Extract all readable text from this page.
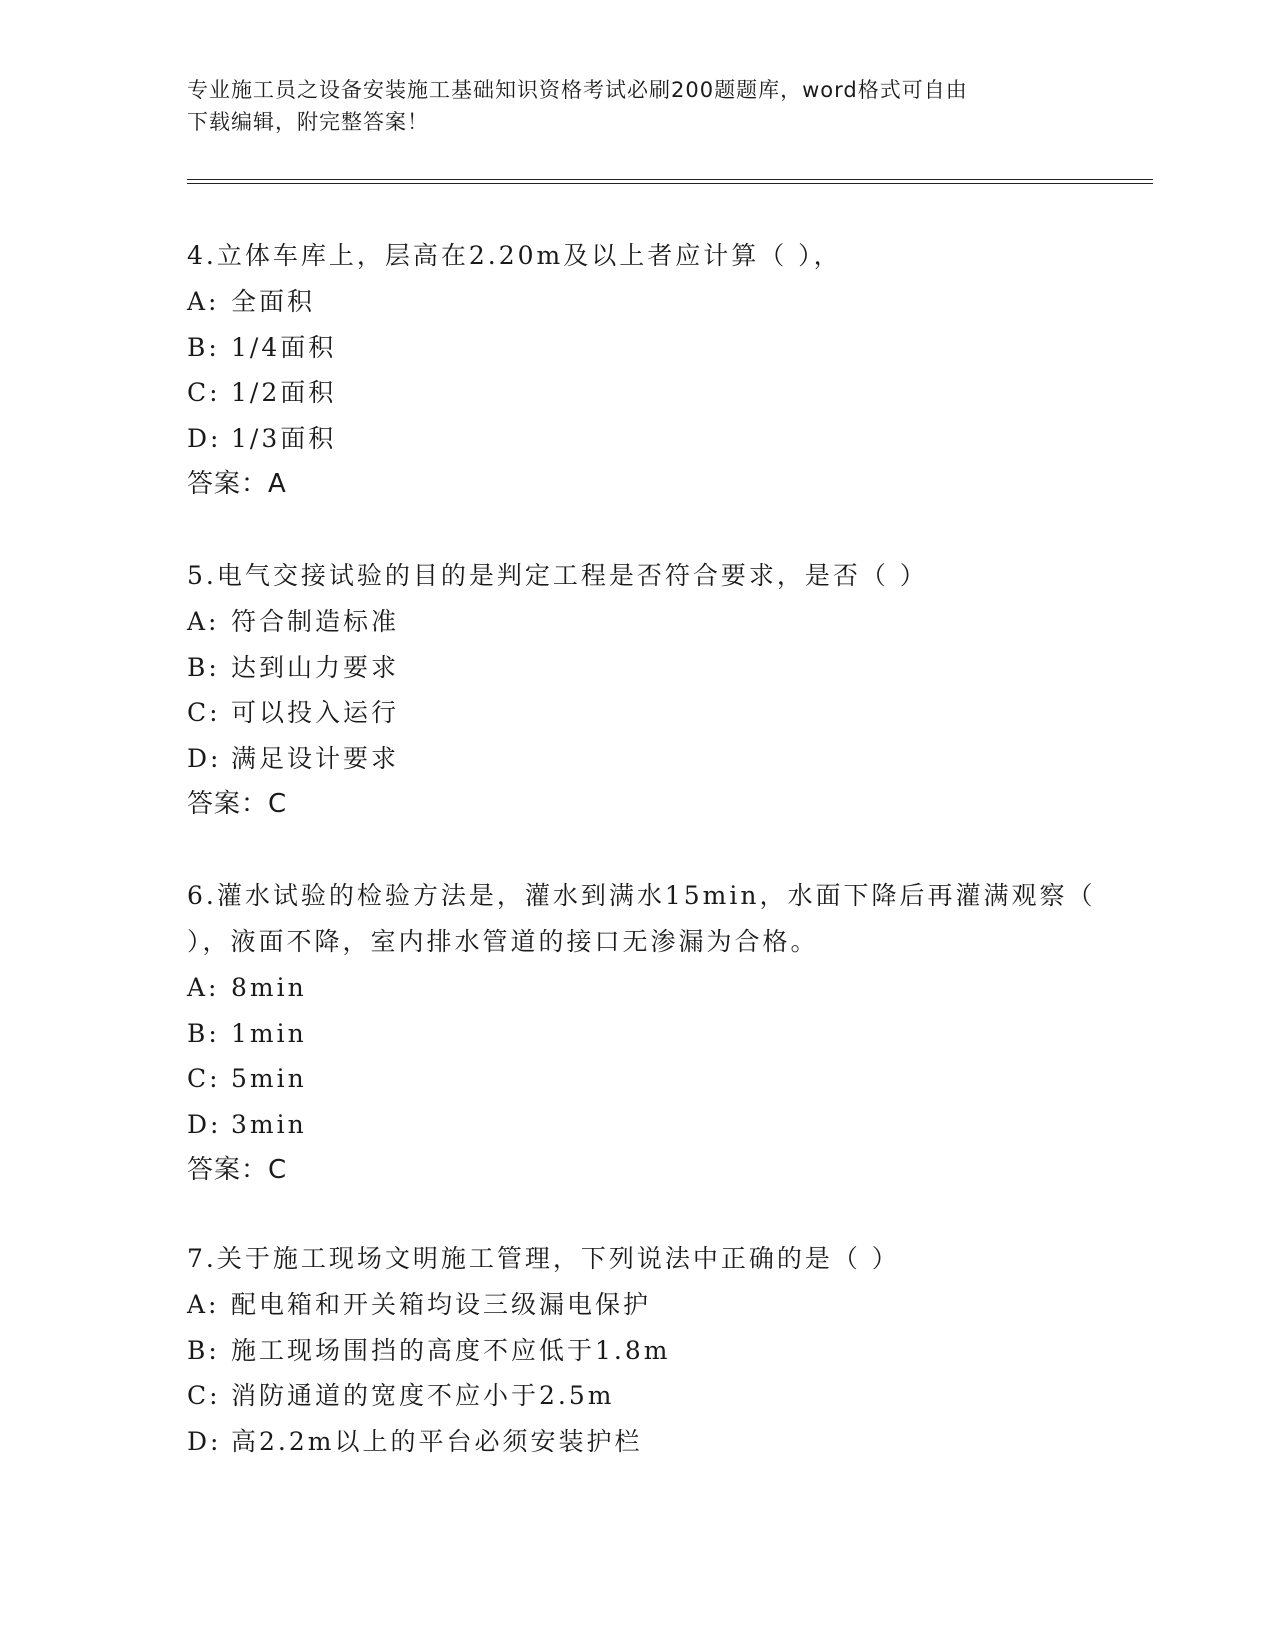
专业施工员之设备安装施工基础知识资格考试必刷200题题库，word格式可自由
下载编辑，附完整答案！
4.立体车库上，层高在2.20m及以上者应计算（ ），
A: 全面积
B: 1/4面积
C: 1/2面积
D: 1/3面积
答案：A
5.电气交接试验的目的是判定工程是否符合要求，是否（ ）
A: 符合制造标准
B: 达到山力要求
C: 可以投入运行
D: 满足设计要求
答案：C
6.灌水试验的检验方法是，灌水到满水15min，水面下降后再灌满观察（ ），液面不降，室内排水管道的接口无渗漏为合格。
A: 8min
B: 1min
C: 5min
D: 3min
答案：C
7.关于施工现场文明施工管理，下列说法中正确的是（ ）
A: 配电箱和开关箱均设三级漏电保护
B: 施工现场围挡的高度不应低于1.8m
C: 消防通道的宽度不应小于2.5m
D: 高2.2m以上的平台必须安装护栏
